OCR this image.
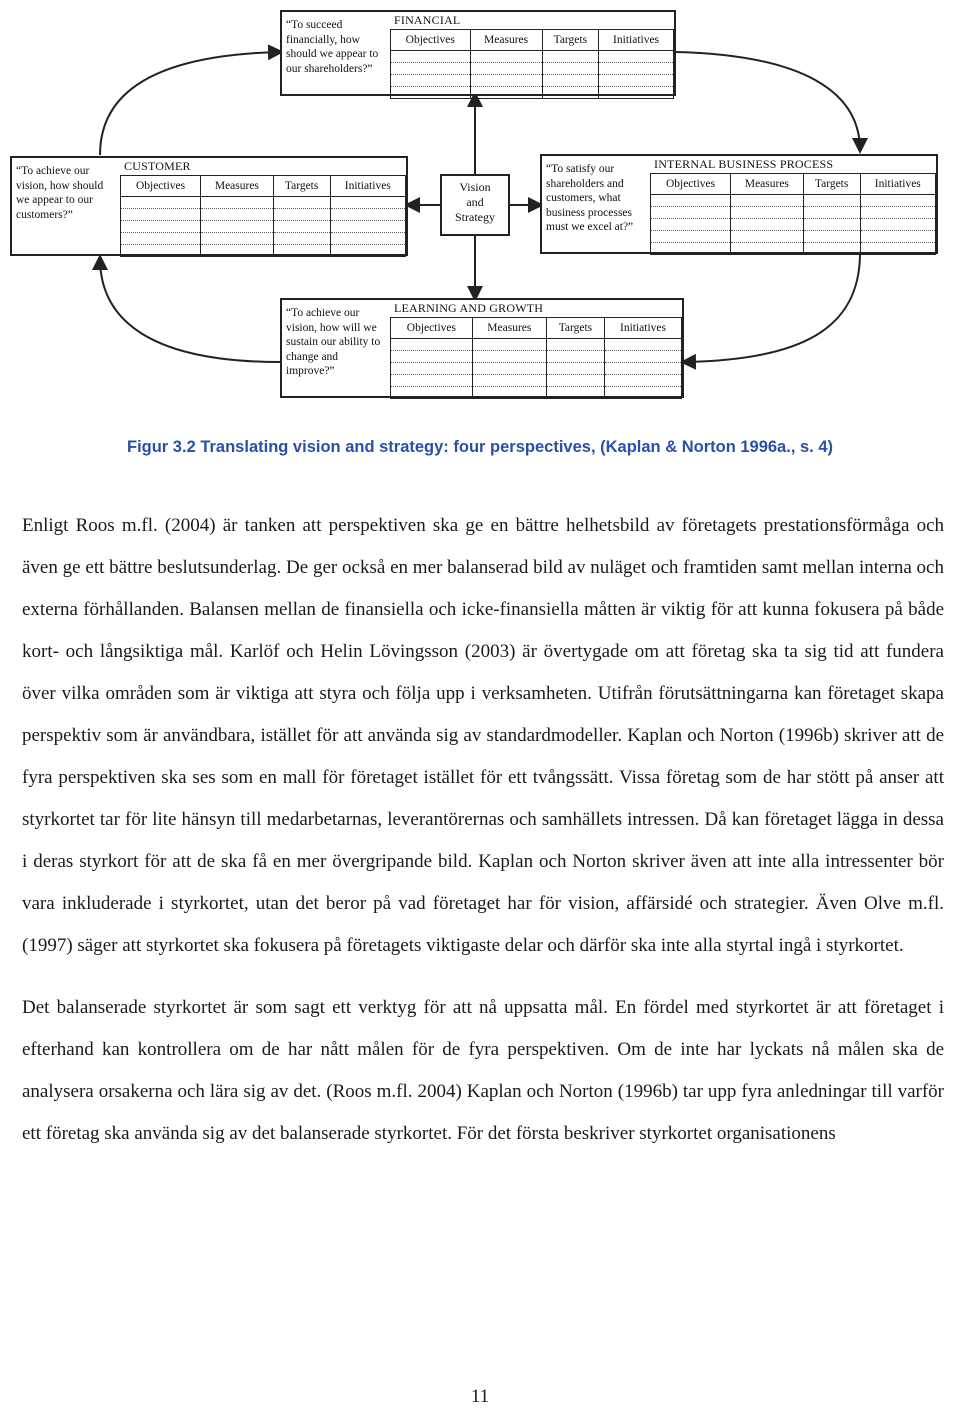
“To succeed financially, how should we appear to our shareholders?”
FINANCIAL
Objectives	Measures	Targets	Initiatives

“To achieve our vision, how should we appear to our customers?”
CUSTOMER
Objectives	Measures	Targets	Initiatives

				Vision
and
Strategy
“To satisfy our shareholders and customers, what business processes must we excel at?”
INTERNAL BUSINESS PROCESS
Objectives	Measures	Targets	Initiatives

“To achieve our vision, how will we sustain our ability to change and improve?”
LEARNING AND GROWTH
Objectives	Measures	Targets	Initiatives

Figur 3.2 Translating vision and strategy: four perspectives, (Kaplan & Norton 1996a., s. 4)

Enligt Roos m.fl. (2004) är tanken att perspektiven ska ge en bättre helhetsbild av företagets prestationsförmåga och även ge ett bättre beslutsunderlag. De ger också en mer balanserad bild av nuläget och framtiden samt mellan interna och externa förhållanden. Balansen mellan de finansiella och icke-finansiella måtten är viktig för att kunna fokusera på både kort- och långsiktiga mål. Karlöf och Helin Lövingsson (2003) är övertygade om att företag ska ta sig tid att fundera över vilka områden som är viktiga att styra och följa upp i verksamheten. Utifrån förutsättningarna kan företaget skapa perspektiv som är användbara, istället för att använda sig av standardmodeller. Kaplan och Norton (1996b) skriver att de fyra perspektiven ska ses som en mall för företaget istället för ett tvångssätt. Vissa företag som de har stött på anser att styrkortet tar för lite hänsyn till medarbetarnas, leverantörernas och samhällets intressen. Då kan företaget lägga in dessa i deras styrkort för att de ska få en mer övergripande bild. Kaplan och Norton skriver även att inte alla intressenter bör vara inkluderade i styrkortet, utan det beror på vad företaget har för vision, affärsidé och strategier. Även Olve m.fl. (1997) säger att styrkortet ska fokusera på företagets viktigaste delar och därför ska inte alla styrtal ingå i styrkortet.

Det balanserade styrkortet är som sagt ett verktyg för att nå uppsatta mål. En fördel med styrkortet är att företaget i efterhand kan kontrollera om de har nått målen för de fyra perspektiven. Om de inte har lyckats nå målen ska de analysera orsakerna och lära sig av det. (Roos m.fl. 2004) Kaplan och Norton (1996b) tar upp fyra anledningar till varför ett företag ska använda sig av det balanserade styrkortet. För det första beskriver styrkortet organisationens

11
